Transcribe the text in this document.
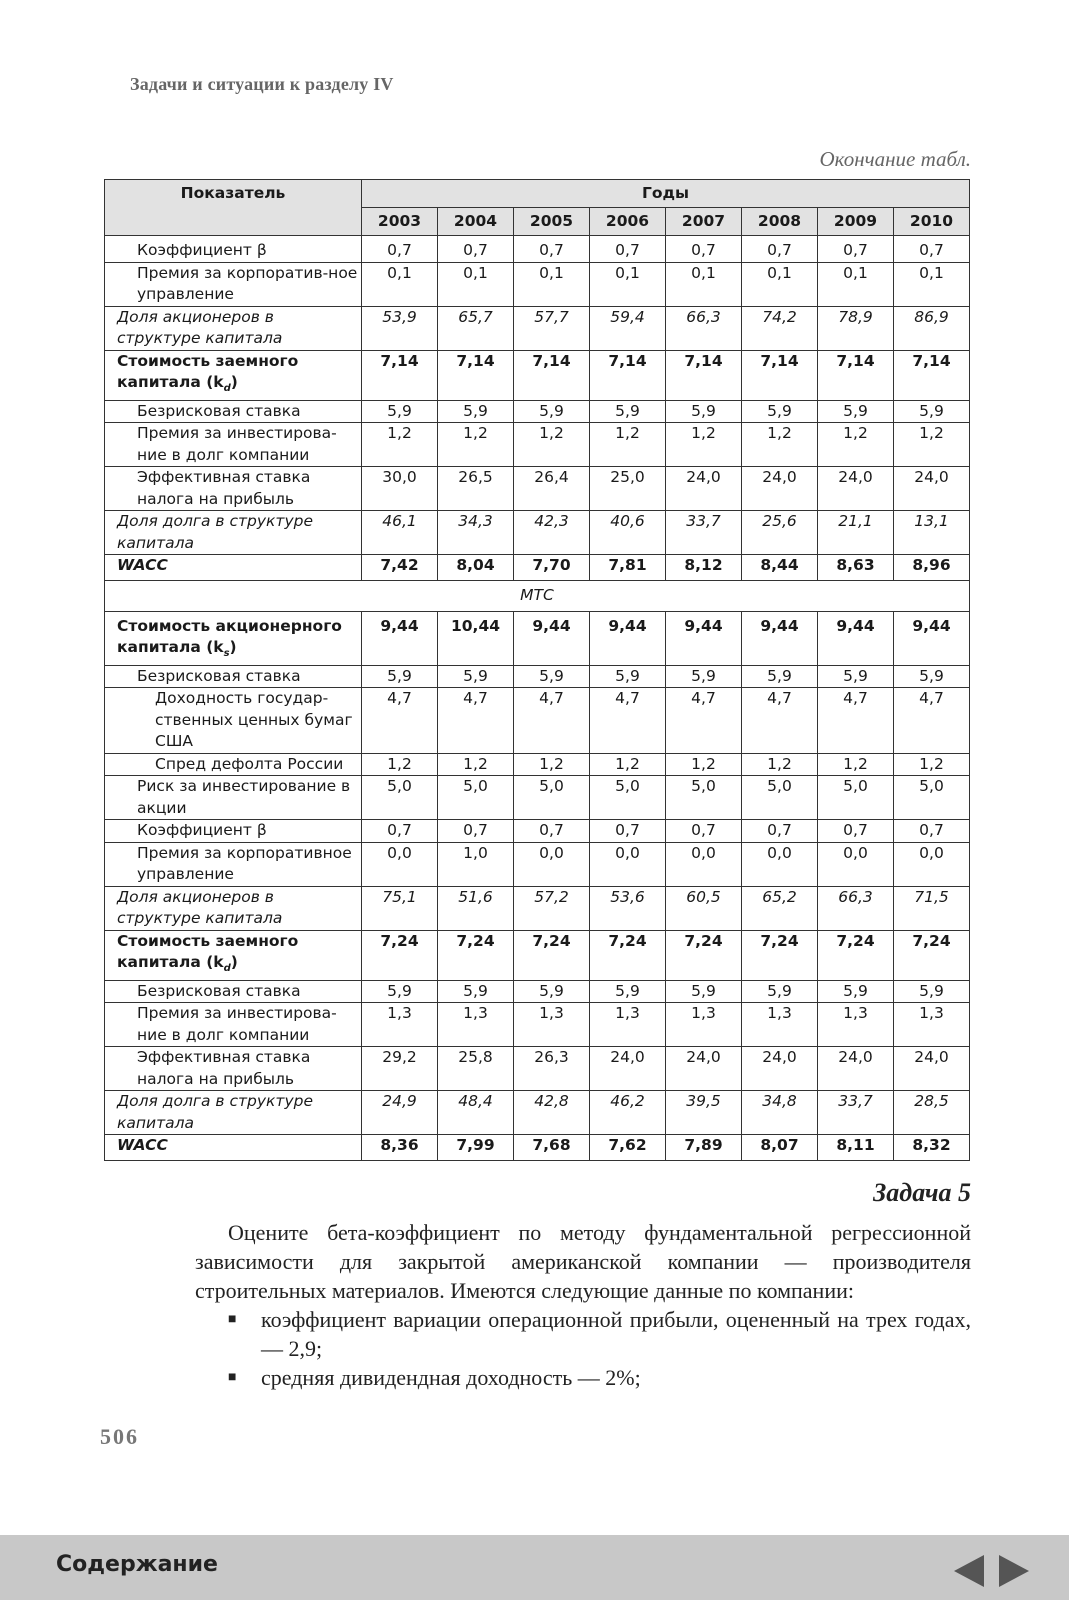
Задачи и ситуации к разделу IV
Окончание табл.
Показатель	Годы							
	2003	2004	2005	2006	2007	2008	2009	2010
Коэффициент β	0,7	0,7	0,7	0,7	0,7	0,7	0,7	0,7
Премия за корпоратив-ное управление	0,1	0,1	0,1	0,1	0,1	0,1	0,1	0,1
Доля акционеров в структуре капитала	53,9	65,7	57,7	59,4	66,3	74,2	78,9	86,9
Стоимость заемного капитала $(k_d)$	7,14	7,14	7,14	7,14	7,14	7,14	7,14	7,14
Безрисковая ставка	5,9	5,9	5,9	5,9	5,9	5,9	5,9	5,9
Премия за инвестирова-ние в долг компании	1,2	1,2	1,2	1,2	1,2	1,2	1,2	1,2
Эффективная ставка налога на прибыль	30,0	26,5	26,4	25,0	24,0	24,0	24,0	24,0
Доля долга в структуре капитала	46,1	34,3	42,3	40,6	33,7	25,6	21,1	13,1
WACC	7,42	8,04	7,70	7,81	8,12	8,44	8,63	8,96
МТС								
Стоимость акционерного капитала $(k_s)$	9,44	10,44	9,44	9,44	9,44	9,44	9,44	9,44
Безрисковая ставка	5,9	5,9	5,9	5,9	5,9	5,9	5,9	5,9
Доходность государ-ственных ценных бумаг США	4,7	4,7	4,7	4,7	4,7	4,7	4,7	4,7
Спред дефолта России	1,2	1,2	1,2	1,2	1,2	1,2	1,2	1,2
Риск за инвестирование в акции	5,0	5,0	5,0	5,0	5,0	5,0	5,0	5,0
Коэффициент β	0,7	0,7	0,7	0,7	0,7	0,7	0,7	0,7
Премия за корпоративное управление	0,0	1,0	0,0	0,0	0,0	0,0	0,0	0,0
Доля акционеров в структуре капитала	75,1	51,6	57,2	53,6	60,5	65,2	66,3	71,5
Стоимость заемного капитала $(k_d)$	7,24	7,24	7,24	7,24	7,24	7,24	7,24	7,24
Безрисковая ставка	5,9	5,9	5,9	5,9	5,9	5,9	5,9	5,9
Премия за инвестирова-ние в долг компании	1,3	1,3	1,3	1,3	1,3	1,3	1,3	1,3
Эффективная ставка налога на прибыль	29,2	25,8	26,3	24,0	24,0	24,0	24,0	24,0
Доля долга в структуре капитала	24,9	48,4	42,8	46,2	39,5	34,8	33,7	28,5
WACC	8,36	7,99	7,68	7,62	7,89	8,07	8,11	8,32
Задача 5

Оцените бета-коэффициент по методу фундаментальной регрессионной зависимости для закрытой американской компании — производителя строительных материалов. Имеются следующие данные по компании:

■ коэффициент вариации операционной прибыли, оцененный на трех годах, — 2,9;
■ средняя дивидендная доходность — 2%;
506
Содержание
